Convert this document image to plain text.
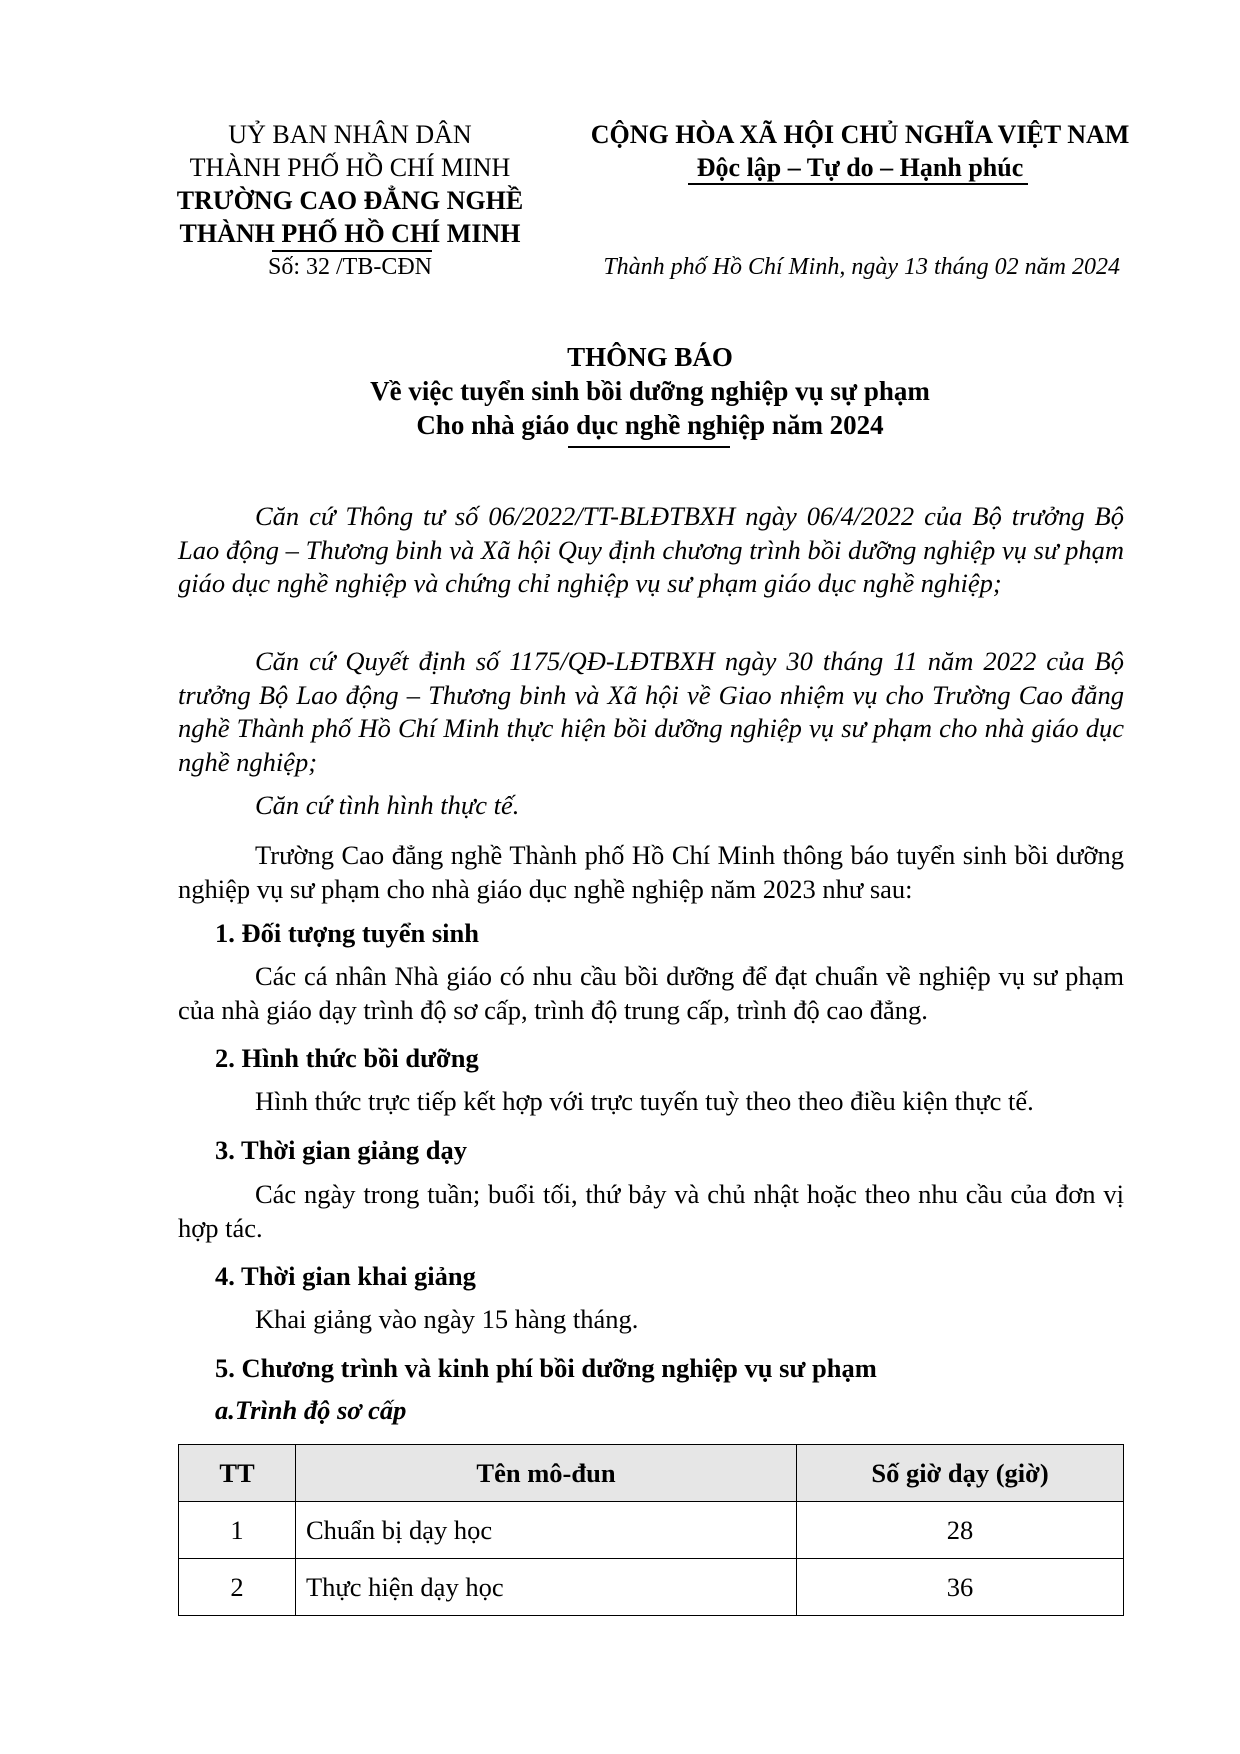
UỶ BAN NHÂN DÂN
THÀNH PHỐ HỒ CHÍ MINH
TRƯỜNG CAO ĐẲNG NGHỀ
THÀNH PHỐ HỒ CHÍ MINH
Số: 32 /TB-CĐN
CỘNG HÒA XÃ HỘI CHỦ NGHĨA VIỆT NAM
Độc lập – Tự do – Hạnh phúc
Thành phố Hồ Chí Minh, ngày 13 tháng 02 năm 2024
THÔNG BÁO
Về việc tuyển sinh bồi dưỡng nghiệp vụ sự phạm
Cho nhà giáo dục nghề nghiệp năm 2024
Căn cứ Thông tư số 06/2022/TT-BLĐTBXH ngày 06/4/2022 của Bộ trưởng Bộ Lao động – Thương binh và Xã hội Quy định chương trình bồi dưỡng nghiệp vụ sư phạm giáo dục nghề nghiệp và chứng chỉ nghiệp vụ sư phạm giáo dục nghề nghiệp;
Căn cứ Quyết định số 1175/QĐ-LĐTBXH ngày 30 tháng 11 năm 2022 của Bộ trưởng Bộ Lao động – Thương binh và Xã hội về Giao nhiệm vụ cho Trường Cao đẳng nghề Thành phố Hồ Chí Minh thực hiện bồi dưỡng nghiệp vụ sư phạm cho nhà giáo dục nghề nghiệp;
Căn cứ tình hình thực tế.
Trường Cao đẳng nghề Thành phố Hồ Chí Minh thông báo tuyển sinh bồi dưỡng nghiệp vụ sư phạm cho nhà giáo dục nghề nghiệp năm 2023 như sau:
1. Đối tượng tuyển sinh
Các cá nhân Nhà giáo có nhu cầu bồi dưỡng để đạt chuẩn về nghiệp vụ sư phạm của nhà giáo dạy trình độ sơ cấp, trình độ trung cấp, trình độ cao đẳng.
2. Hình thức bồi dưỡng
Hình thức trực tiếp kết hợp với trực tuyến tuỳ theo theo điều kiện thực tế.
3. Thời gian giảng dạy
Các ngày trong tuần; buổi tối, thứ bảy và chủ nhật hoặc theo nhu cầu của đơn vị hợp tác.
4. Thời gian khai giảng
Khai giảng vào ngày 15 hàng tháng.
5. Chương trình và kinh phí bồi dưỡng nghiệp vụ sư phạm
a.Trình độ sơ cấp
TT	Tên mô-đun	Số giờ dạy (giờ)
1	Chuẩn bị dạy học	28
2	Thực hiện dạy học	36
